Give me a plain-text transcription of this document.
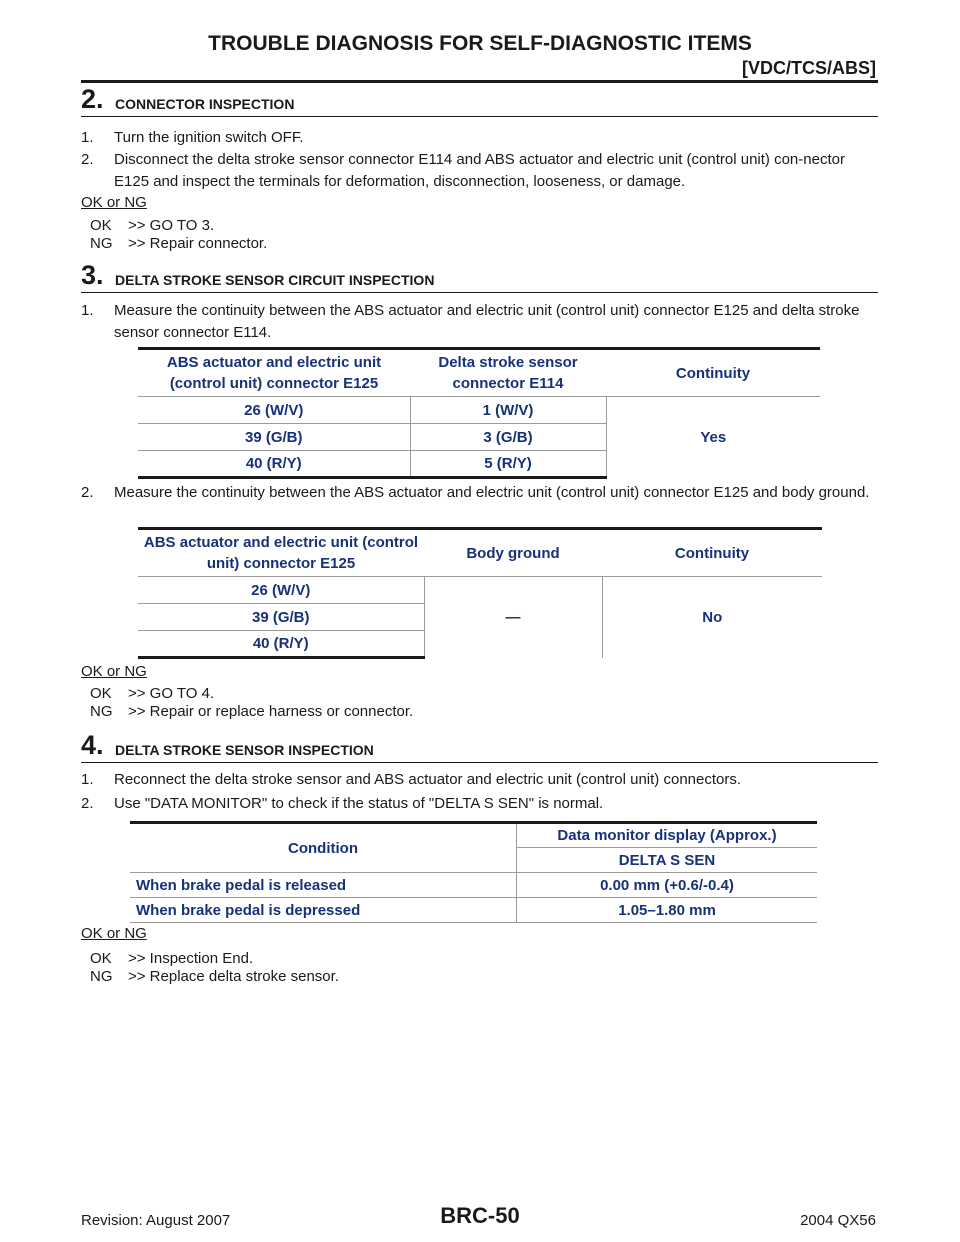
TROUBLE DIAGNOSIS FOR SELF-DIAGNOSTIC ITEMS
[VDC/TCS/ABS]
2. CONNECTOR INSPECTION
1. Turn the ignition switch OFF.
2. Disconnect the delta stroke sensor connector E114 and ABS actuator and electric unit (control unit) con-nector E125 and inspect the terminals for deformation, disconnection, looseness, or damage.
OK or NG
OK >> GO TO 3.
NG >> Repair connector.
3. DELTA STROKE SENSOR CIRCUIT INSPECTION
1. Measure the continuity between the ABS actuator and electric unit (control unit) connector E125 and delta stroke sensor connector E114.
ABS actuator and electric unit (control unit) connector E125	Delta stroke sensor connector E114	Continuity
26 (W/V)	1 (W/V)	Yes
39 (G/B)	3 (G/B)	
40 (R/Y)	5 (R/Y)	
2. Measure the continuity between the ABS actuator and electric unit (control unit) connector E125 and body ground.
ABS actuator and electric unit (control unit) connector E125	Body ground	Continuity
26 (W/V)	—	No
39 (G/B)		
40 (R/Y)		
OK or NG
OK >> GO TO 4.
NG >> Repair or replace harness or connector.
4. DELTA STROKE SENSOR INSPECTION
1. Reconnect the delta stroke sensor and ABS actuator and electric unit (control unit) connectors.
2. Use "DATA MONITOR" to check if the status of "DELTA S SEN" is normal.
Condition	Data monitor display (Approx.)
	DELTA S SEN
When brake pedal is released	0.00 mm (+0.6/-0.4)
When brake pedal is depressed	1.05–1.80 mm
OK or NG
OK >> Inspection End.
NG >> Replace delta stroke sensor.
Revision: August 2007	BRC-50	2004 QX56
